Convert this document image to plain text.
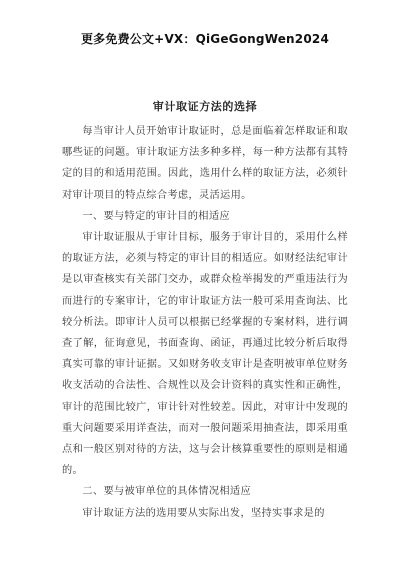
更多免费公文+VX：QiGeGongWen2024
审计取证方法的选择

每当审计人员开始审计取证时，总是面临着怎样取证和取哪些证的问题。审计取证方法多种多样，每一种方法都有其特定的目的和适用范围。因此，选用什么样的取证方法，必须针对审计项目的特点综合考虑，灵活运用。

一、要与特定的审计目的相适应

审计取证服从于审计目标，服务于审计目的，采用什么样的取证方法，必须与特定的审计目的相适应。如财经法纪审计是以审查核实有关部门交办，或群众检举揭发的严重违法行为而进行的专案审计，它的审计取证方法一般可采用查询法、比较分析法。即审计人员可以根据已经掌握的专案材料，进行调查了解，征询意见，书面查询、函证，再通过比较分析后取得真实可靠的审计证据。又如财务收支审计是查明被审单位财务收支活动的合法性、合规性以及会计资料的真实性和正确性，审计的范围比较广，审计针对性较差。因此，对审计中发现的重大问题要采用详查法，而对一般问题采用抽查法，即采用重点和一般区别对待的方法，这与会计核算重要性的原则是相通的。

二、要与被审单位的具体情况相适应

审计取证方法的选用要从实际出发，坚持实事求是的
